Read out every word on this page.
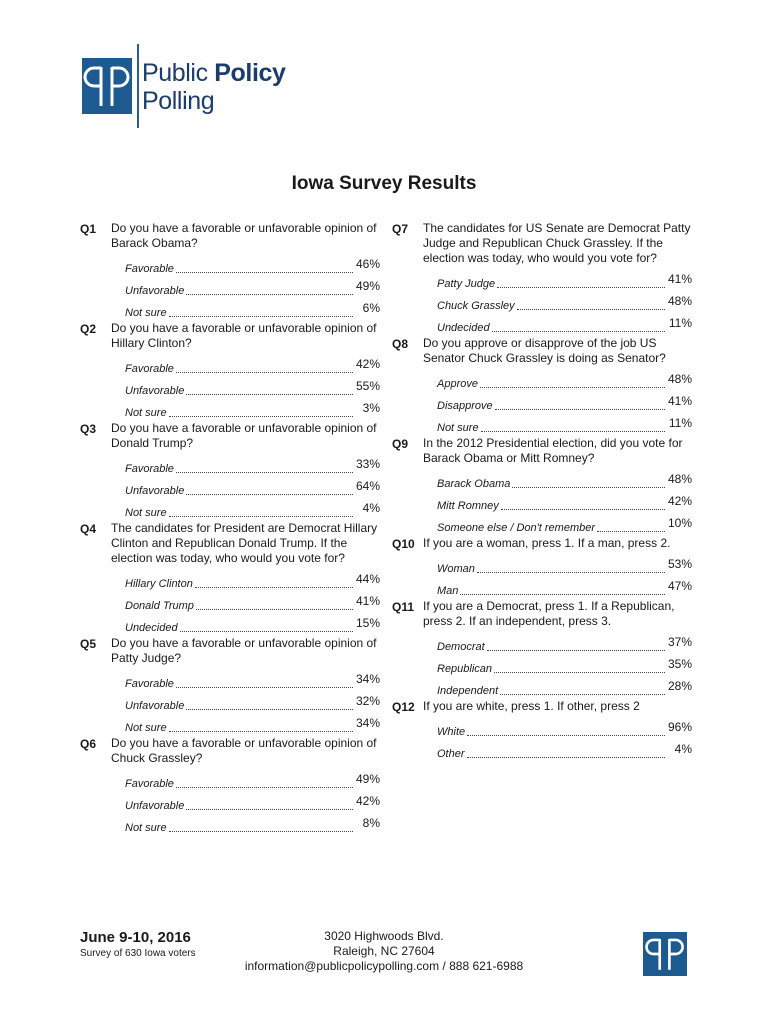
Public Policy
Polling
Iowa Survey Results
Q1 Do you have a favorable or unfavorable opinion of Barack Obama?
Favorable	46%
Unfavorable	49%
Not sure	6%
Q2 Do you have a favorable or unfavorable opinion of Hillary Clinton?
Favorable	42%
Unfavorable	55%
Not sure	3%
Q3 Do you have a favorable or unfavorable opinion of Donald Trump?
Favorable	33%
Unfavorable	64%
Not sure	4%
Q4 The candidates for President are Democrat Hillary Clinton and Republican Donald Trump. If the election was today, who would you vote for?
Hillary Clinton	44%
Donald Trump	41%
Undecided	15%
Q5 Do you have a favorable or unfavorable opinion of Patty Judge?
Favorable	34%
Unfavorable	32%
Not sure	34%
Q6 Do you have a favorable or unfavorable opinion of Chuck Grassley?
Favorable	49%
Unfavorable	42%
Not sure	8%
Q7 The candidates for US Senate are Democrat Patty Judge and Republican Chuck Grassley. If the election was today, who would you vote for?
Patty Judge	41%
Chuck Grassley	48%
Undecided	11%
Q8 Do you approve or disapprove of the job US Senator Chuck Grassley is doing as Senator?
Approve	48%
Disapprove	41%
Not sure	11%
Q9 In the 2012 Presidential election, did you vote for Barack Obama or Mitt Romney?
Barack Obama	48%
Mitt Romney	42%
Someone else / Don't remember	10%
Q10 If you are a woman, press 1. If a man, press 2.
Woman	53%
Man	47%
Q11 If you are a Democrat, press 1. If a Republican, press 2. If an independent, press 3.
Democrat	37%
Republican	35%
Independent	28%
Q12 If you are white, press 1. If other, press 2
White	96%
Other	4%
June 9-10, 2016
Survey of 630 Iowa voters
3020 Highwoods Blvd.
Raleigh, NC 27604
information@publicpolicypolling.com / 888 621-6988
